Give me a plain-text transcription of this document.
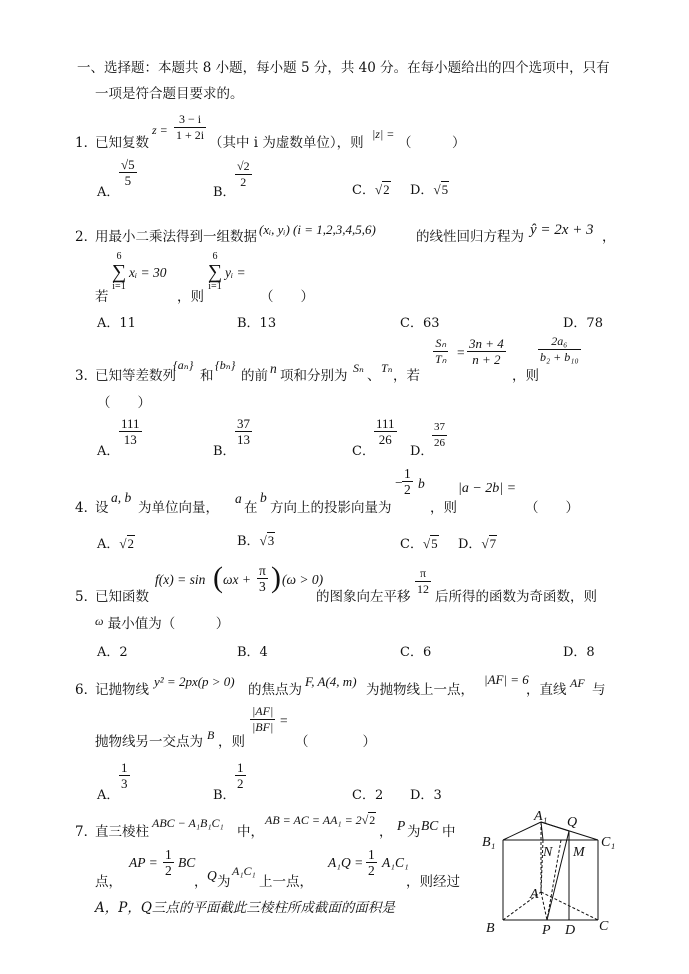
一、选择题：本题共 8 小题，每小题 5 分，共 40 分。在每小题给出的四个选项中，只有
一项是符合题目要求的。
1．
已知复数
$z = \frac{3 - i}{1 + 2i}$ （其中 i 为虚数单位），则
|z| =
（　　　）
A．
$\frac{√5}{5}$
B．
$\frac{√2}{2}$
C．√2 D．√5
2．
用最小二乘法得到一组数据 (xᵢ, yᵢ) (i = 1,2,3,4,5,6)	的线性回归方程为 ŷ = 2x + 3 ，
若
6
∑
i=1
xᵢ = 30
，则
6
∑
i=1
yᵢ =
（　　）
A．11	B．13	C．63	D．78
3．
已知等差数列
{aₙ}
和
{bₙ}
的前 n 项和分别为 Sₙ 、 Tₙ ，若
$\frac{\text{Sₙ}}{\text{Tₙ}} = \frac{3n + 4}{n + 2}$
，则
$\frac{\text{2a₆}}{\text{b₂ + b₁₀}}$
（　　）
A．
$\frac{111}{13}$
B．
$\frac{37}{13}$
C．
$\frac{111}{26}$
D．
$\frac{37}{26}$
4．
设
a, b
为单位向量，
a
在
b
方向上的投影向量为
− $\frac{1}{2}$ b
，则
|a − 2b| =
（　　）
A．√2	B．√3	C．√5 D．√7
5．
已知函数
f(x) = sin ( $\omega x + \frac{\pi}{3}$ ) (ω > 0)
的图象向左平移 $\frac{\pi}{12}$ 后所得的函数为奇函数，则
ω 最小值为（　　　）
A．2	B．4	C．6	D．8
6．
记抛物线
y² = 2px(p > 0)
的焦点为
F, A(4, m)
为抛物线上一点，
|AF| = 6
，直线 AF 与
抛物线另一交点为 B ，则
$\frac{|AF|}{|BF|}$ =
（　　　　）
A．
$\frac{1}{3}$
B．
$\frac{1}{2}$
C．2 D．3
7．
直三棱柱
ABC − A₁B₁C₁
中，
AB = AC = AA₁ = 2√2
， P 为 BC 中
点，
AP = $\frac{1}{2}$ BC
， Q 为
A₁C₁
上一点，
$A_1Q = \frac{1}{2} A_1C_1$
，则经过
A，P，Q三点的平面截此三棱柱所成截面的面积是
A₁ Q
B₁	C₁
N M
A
B	P D C
